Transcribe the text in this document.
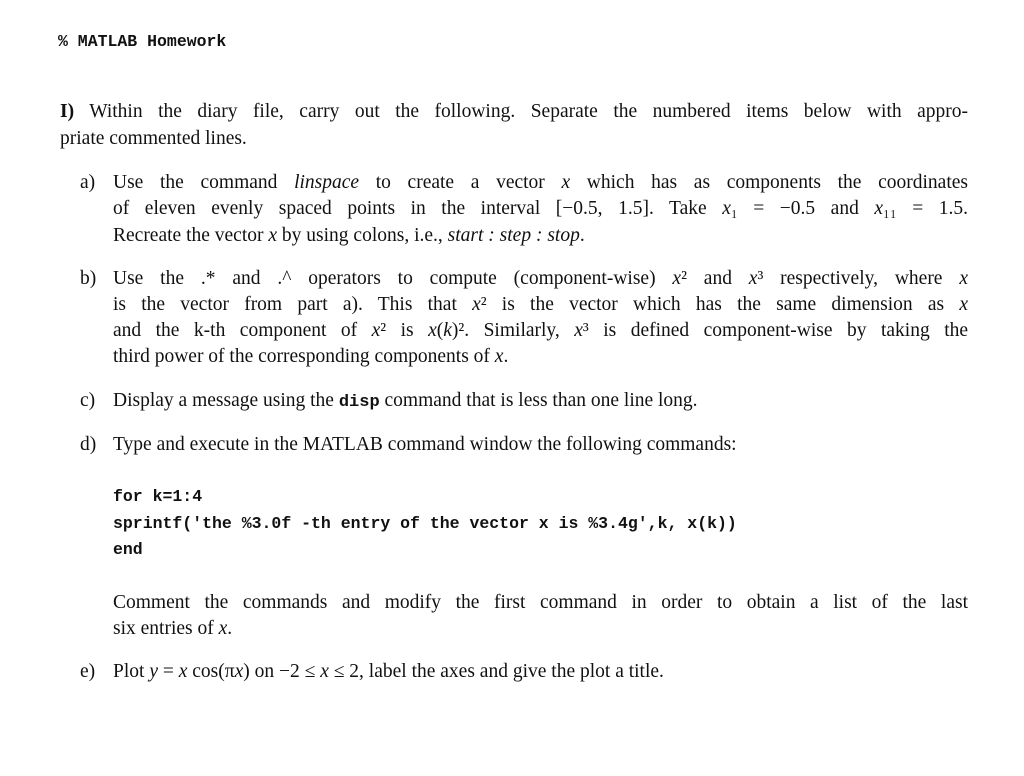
% MATLAB Homework
I) Within the diary file, carry out the following. Separate the numbered items below with appro-
priate commented lines.
a) Use the command linspace to create a vector x which has as components the coordinates
of eleven evenly spaced points in the interval [−0.5, 1.5]. Take x₁ = −0.5 and x₁₁ = 1.5.
Recreate the vector x by using colons, i.e., start : step : stop.
b) Use the .* and .^ operators to compute (component-wise) x² and x³ respectively, where x
is the vector from part a). This that x² is the vector which has the same dimension as x
and the k-th component of x² is x(k)². Similarly, x³ is defined component-wise by taking the
third power of the corresponding components of x.
c) Display a message using the disp command that is less than one line long.
d) Type and execute in the MATLAB command window the following commands:
Comment the commands and modify the first command in order to obtain a list of the last
six entries of x.
e) Plot y = x cos(πx) on −2 ≤ x ≤ 2, label the axes and give the plot a title.
for k=1:4
sprintf('the %3.0f -th entry of the vector x is %3.4g',k, x(k))
end
